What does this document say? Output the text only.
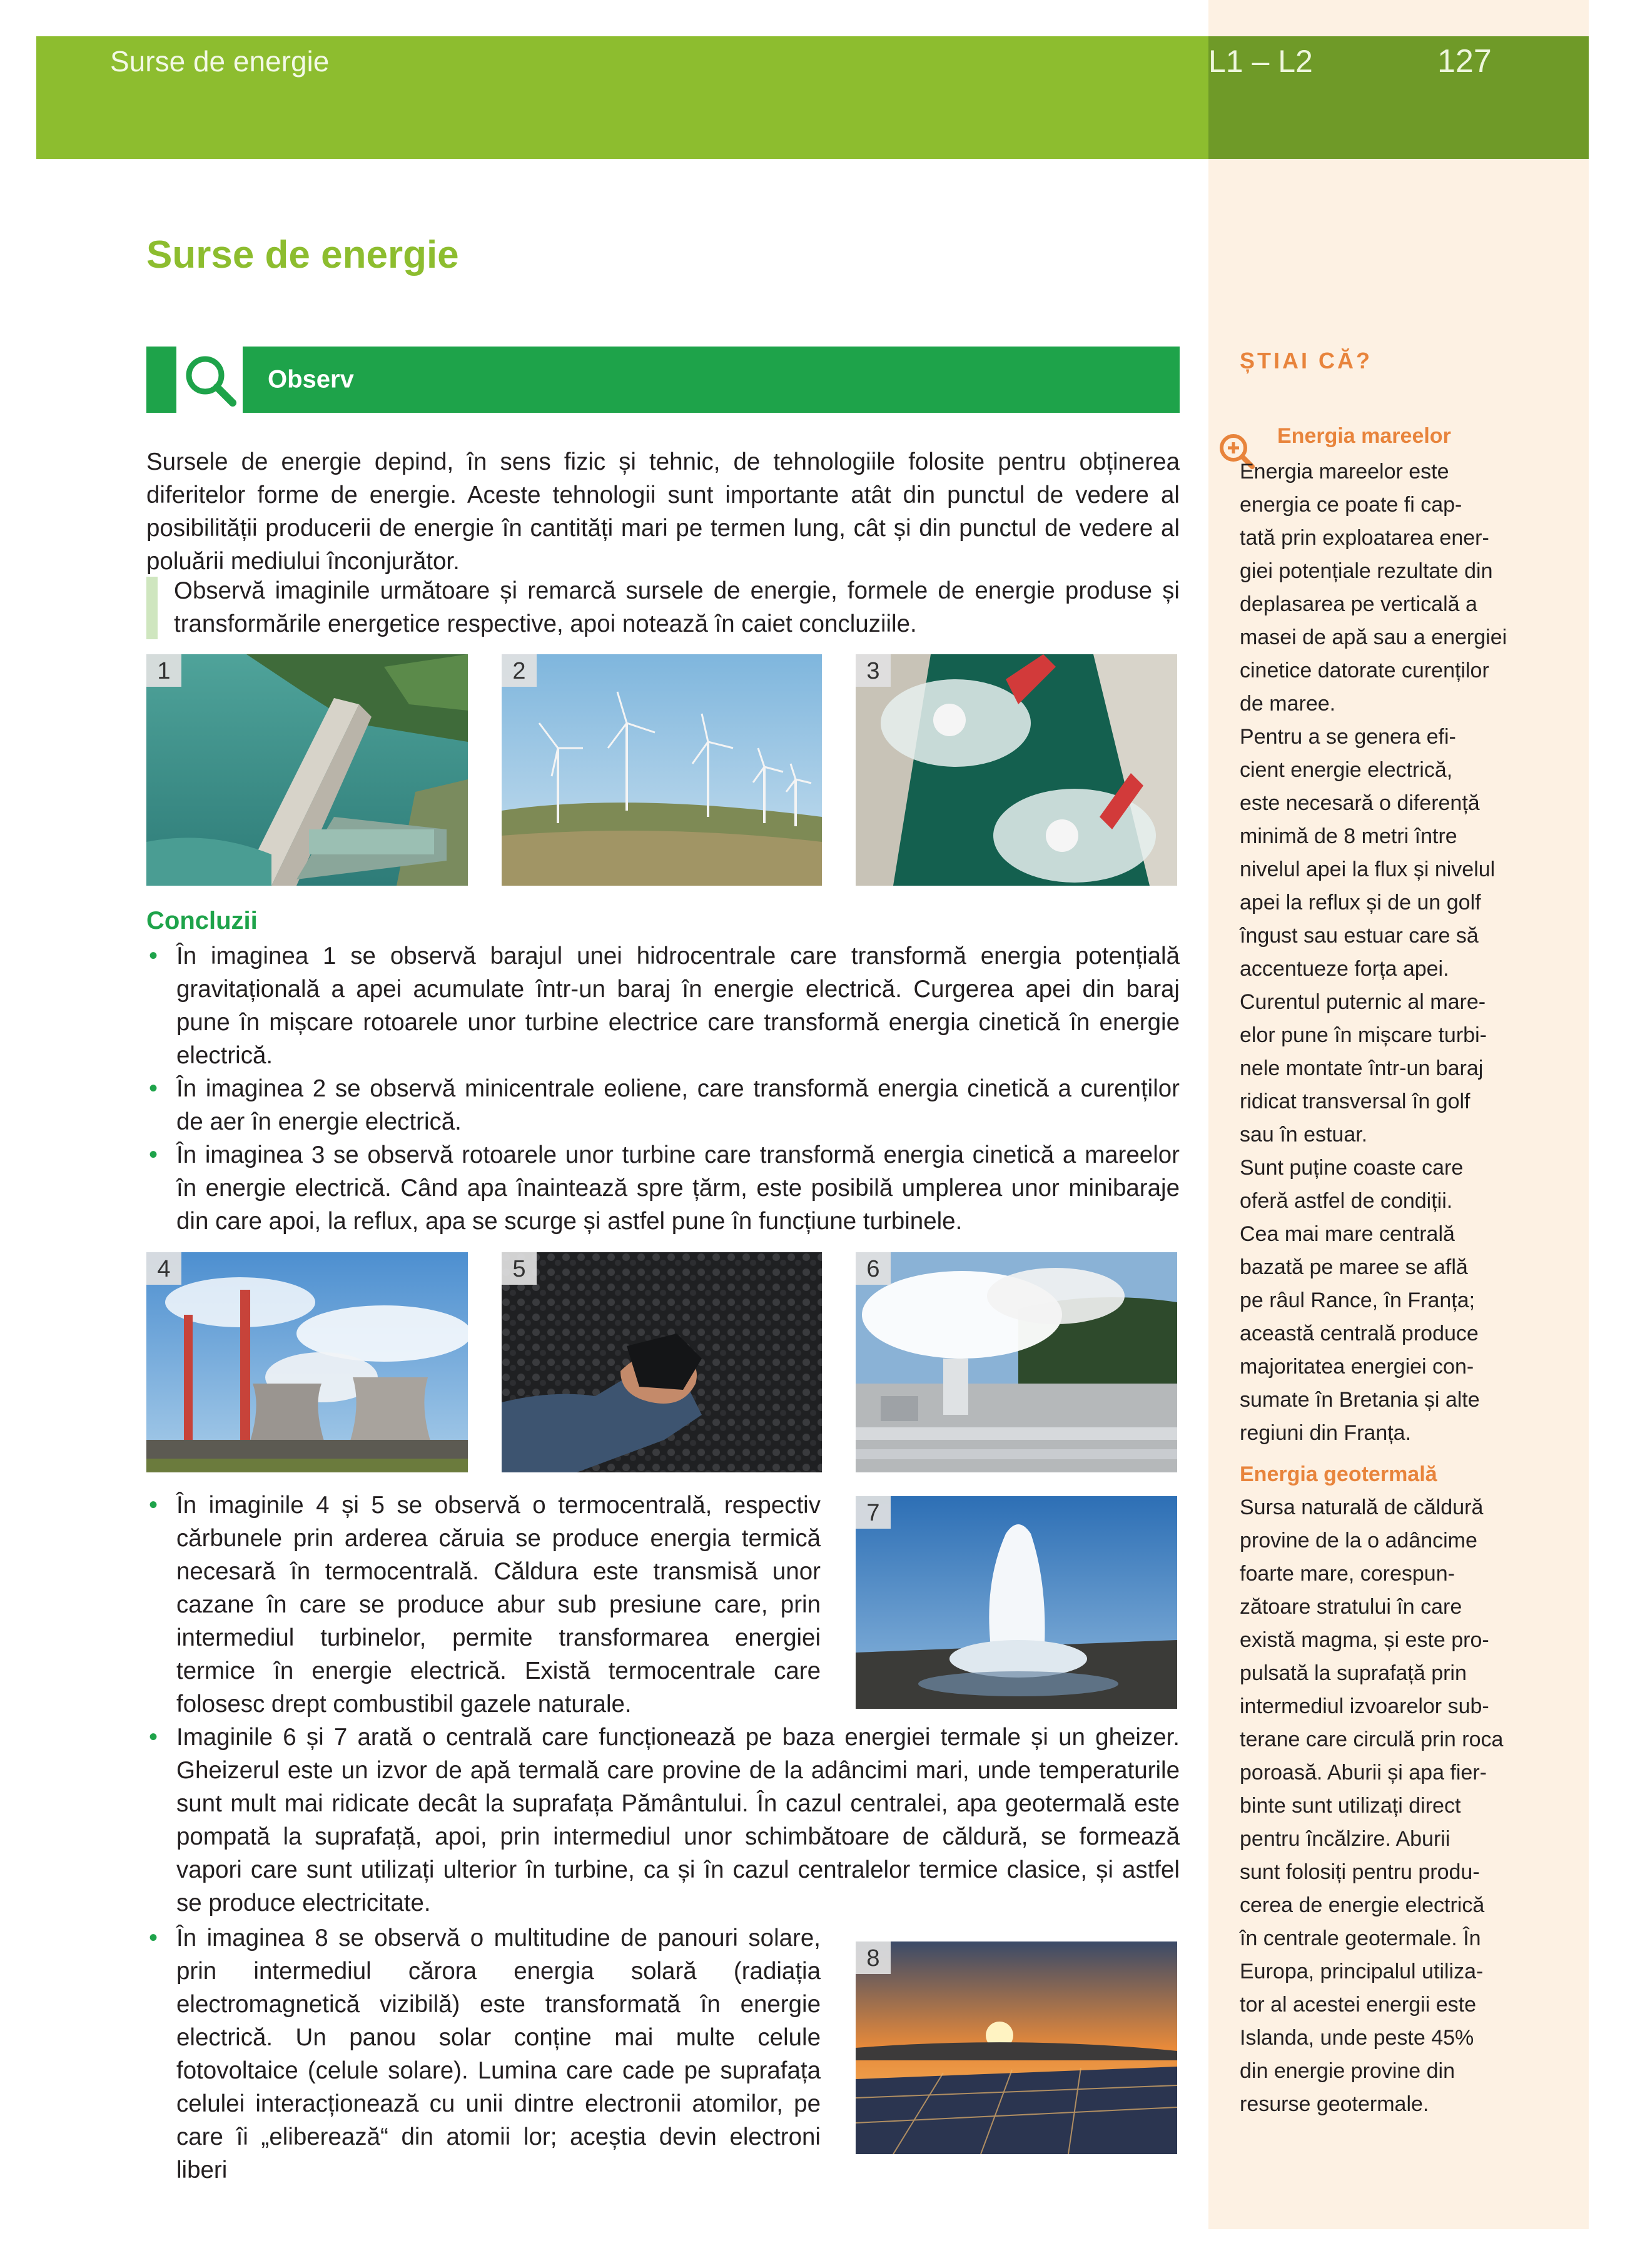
Surse de energie	L1 – L2	127
Surse de energie
Observ
Sursele de energie depind, în sens fizic și tehnic, de tehnologiile folosite pentru obținerea diferitelor forme de energie. Aceste tehnologii sunt importante atât din punctul de vedere al posibilității producerii de energie în cantități mari pe termen lung, cât și din punctul de vedere al poluării mediului înconjurător.
Observă imaginile următoare și remarcă sursele de energie, formele de energie produse și transformările energetice respective, apoi notează în caiet concluziile.
1	2	3
Concluzii
• În imaginea 1 se observă barajul unei hidrocentrale care transformă energia potențială gravitațională a apei acumulate într-un baraj în energie electrică. Curgerea apei din baraj pune în mișcare rotoarele unor turbine electrice care transformă energia cinetică în energie electrică.
• În imaginea 2 se observă minicentrale eoliene, care transformă energia cinetică a curenților de aer în energie electrică.
• În imaginea 3 se observă rotoarele unor turbine care transformă energia cinetică a mareelor în energie electrică. Când apa înaintează spre țărm, este posibilă umplerea unor minibaraje din care apoi, la reflux, apa se scurge și astfel pune în funcțiune turbinele.
4	5	6
• În imaginile 4 și 5 se observă o termocentrală, respectiv cărbunele prin arderea căruia se produce energia termică necesară în termocentrală. Căldura este transmisă unor cazane în care se produce abur sub presiune care, prin intermediul turbinelor, permite transformarea energiei termice în energie electrică. Există termocentrale care folosesc drept combustibil gazele naturale.
7
• Imaginile 6 și 7 arată o centrală care funcționează pe baza energiei termale și un gheizer. Gheizerul este un izvor de apă termală care provine de la adâncimi mari, unde temperaturile sunt mult mai ridicate decât la suprafața Pământului. În cazul centralei, apa geotermală este pompată la suprafață, apoi, prin intermediul unor schimbătoare de căldură, se formează vapori care sunt utilizați ulterior în turbine, ca și în cazul centralelor termice clasice, și astfel se produce electricitate.
• În imaginea 8 se observă o multitudine de panouri solare, prin intermediul cărora energia solară (radiația electromagnetică vizibilă) este transformată în energie electrică. Un panou solar conține mai multe celule fotovoltaice (celule solare). Lumina care cade pe suprafața celulei interacționează cu unii dintre electronii atomilor, pe care îi „eliberează“ din atomii lor; aceștia devin electroni liberi
8
ȘTIAI CĂ?
Energia mareelor
Energia mareelor este
energia ce poate fi cap-
tată prin exploatarea ener-
giei potențiale rezultate din
deplasarea pe verticală a
masei de apă sau a energiei
cinetice datorate curenților
de maree.
Pentru a se genera efi-
cient energie electrică,
este necesară o diferență
minimă de 8 metri între
nivelul apei la flux și nivelul
apei la reflux și de un golf
îngust sau estuar care să
accentueze forța apei.
Curentul puternic al mare-
elor pune în mișcare turbi-
nele montate într-un baraj
ridicat transversal în golf
sau în estuar.
Sunt puține coaste care
oferă astfel de condiții.
Cea mai mare centrală
bazată pe maree se află
pe râul Rance, în Franța;
această centrală produce
majoritatea energiei con-
sumate în Bretania și alte
regiuni din Franța.
Energia geotermală
Sursa naturală de căldură
provine de la o adâncime
foarte mare, corespun-
zătoare stratului în care
există magma, și este pro-
pulsată la suprafață prin
intermediul izvoarelor sub-
terane care circulă prin roca
poroasă. Aburii și apa fier-
binte sunt utilizați direct
pentru încălzire. Aburii
sunt folosiți pentru produ-
cerea de energie electrică
în centrale geotermale. În
Europa, principalul utiliza-
tor al acestei energii este
Islanda, unde peste 45%
din energie provine din
resurse geotermale.
